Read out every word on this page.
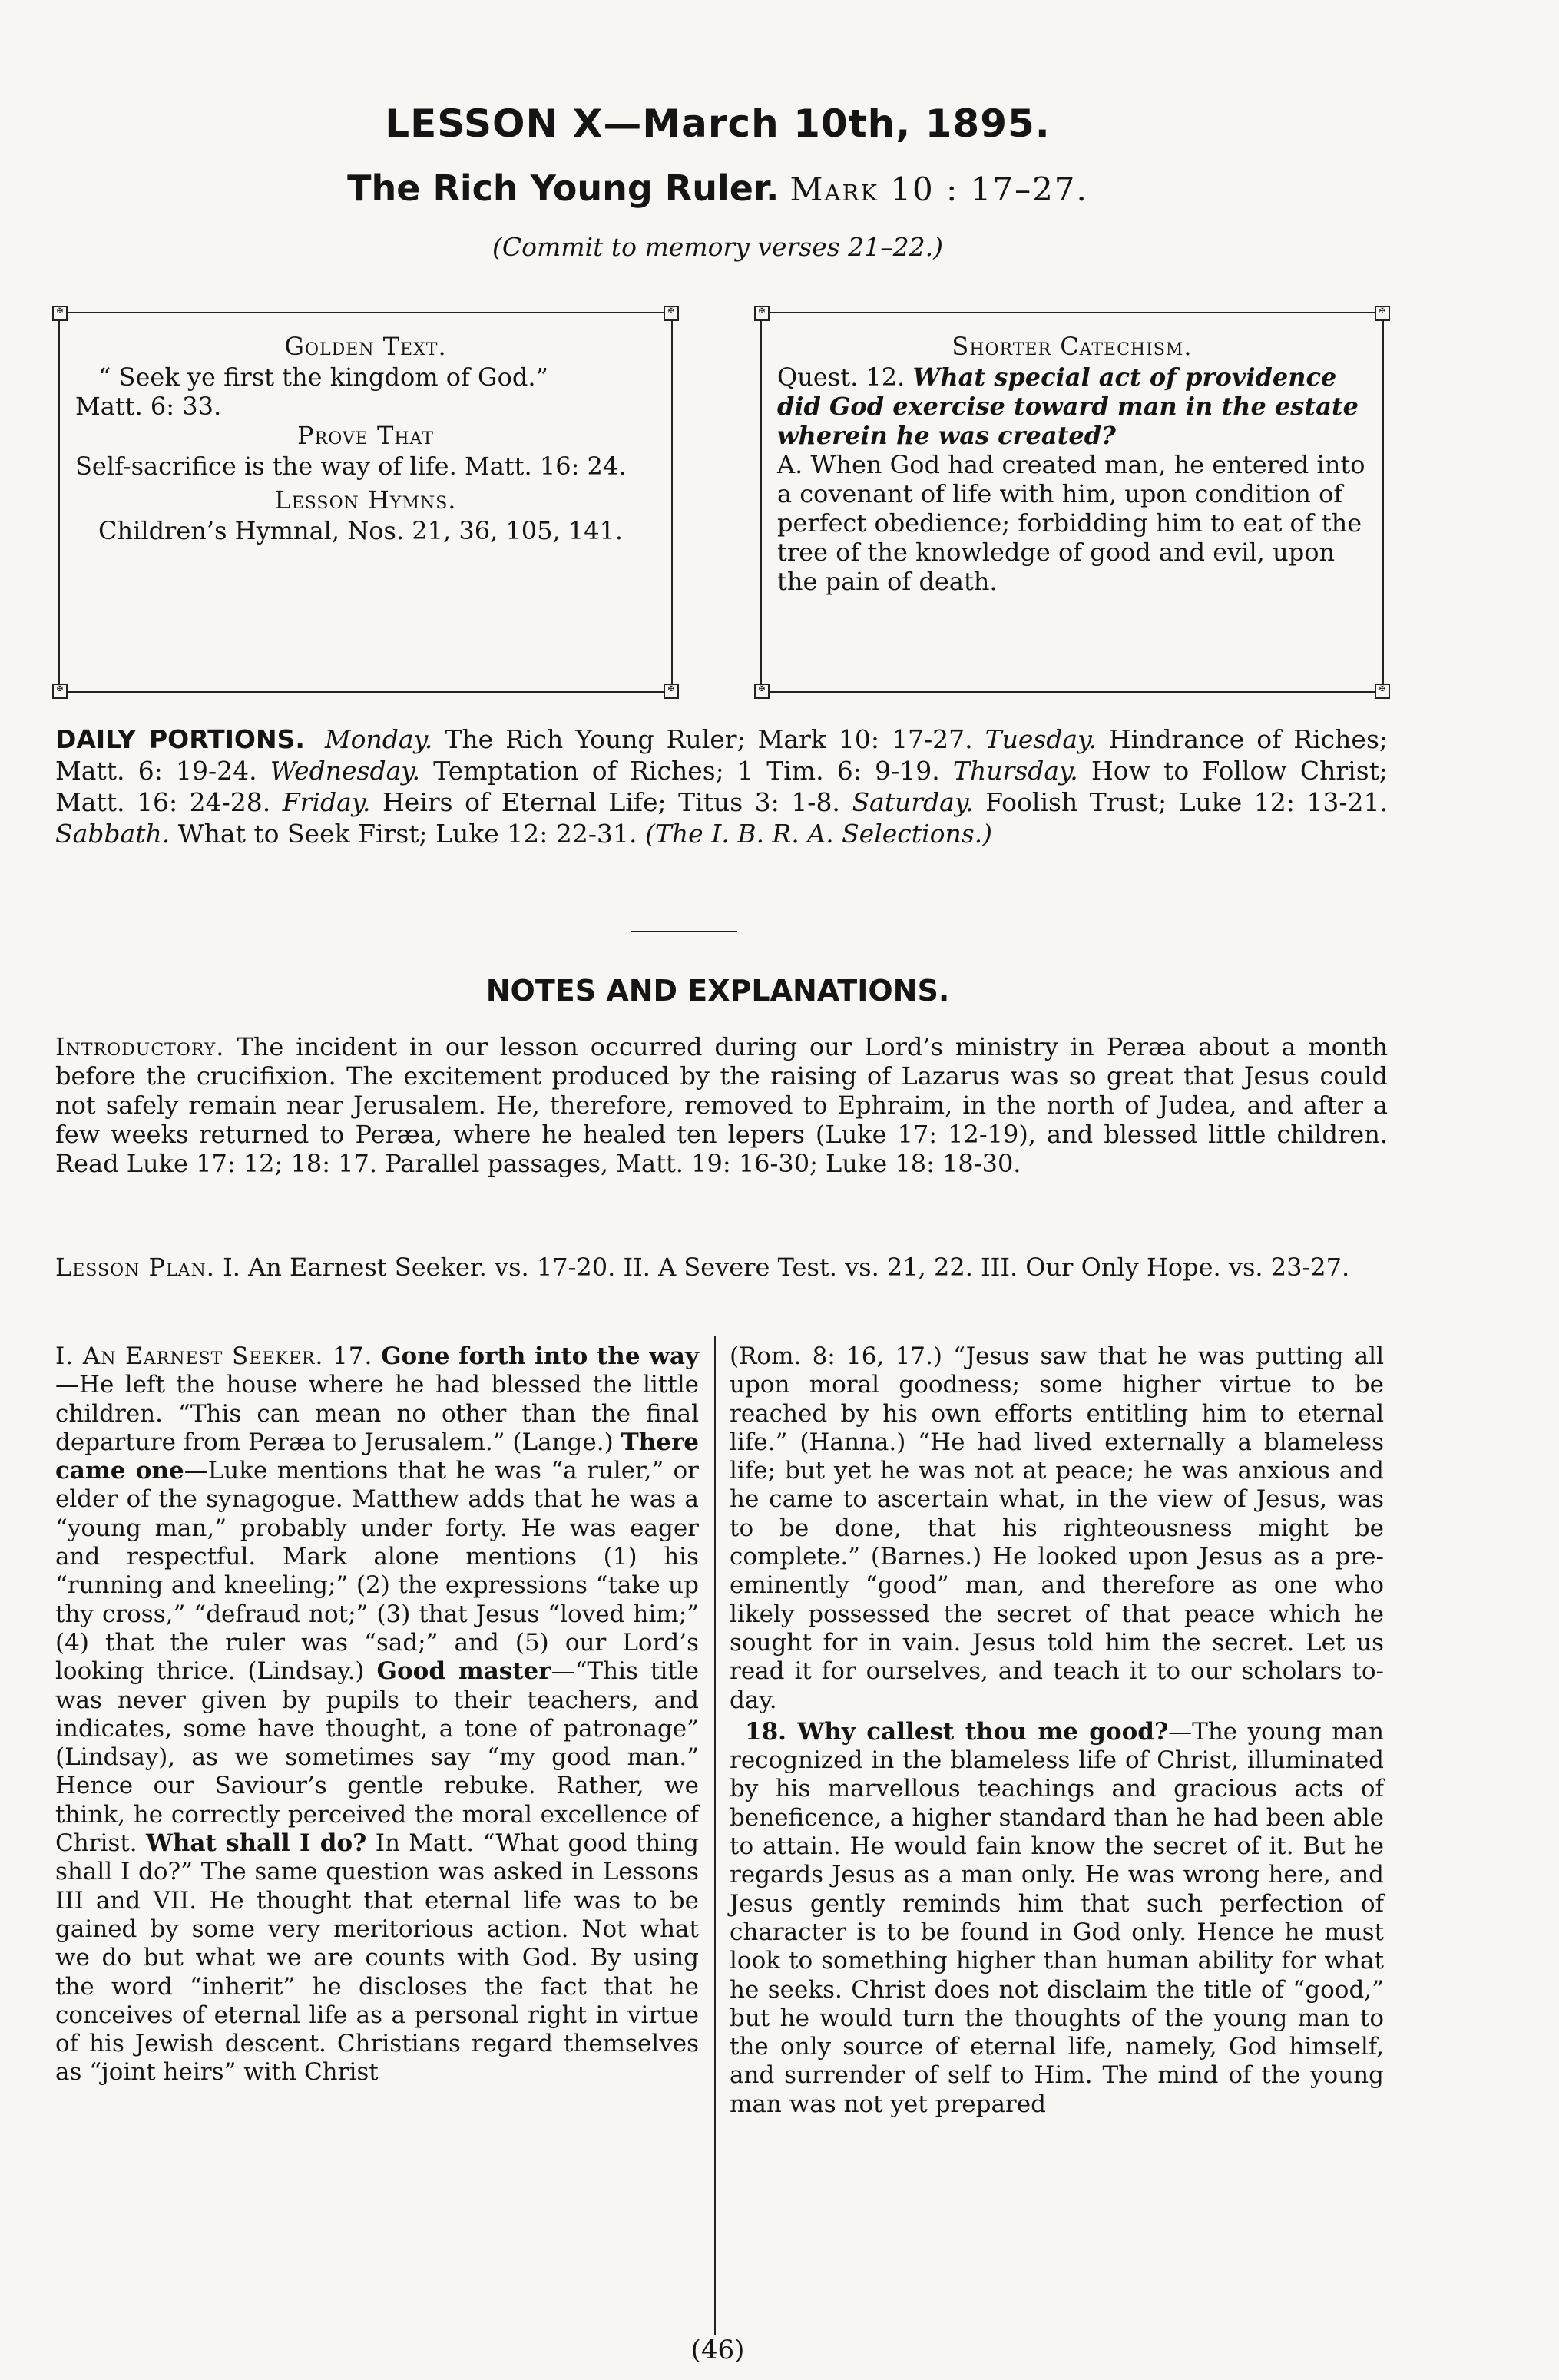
LESSON X—March 10th, 1895.
The Rich Young Ruler. Mark 10 : 17–27.
(Commit to memory verses 21–22.)
✠	✠
✠	✠

Golden Text.

“ Seek ye first the kingdom of God.”

Matt. 6: 33.

Prove That

Self-sacrifice is the way of life. Matt. 16: 24.

Lesson Hymns.

Children’s Hymnal, Nos. 21, 36, 105, 141.

✠	✠
✠	✠

Shorter Catechism.

Quest. 12. What special act of providence did God exercise toward man in the estate wherein he was created?

A. When God had created man, he entered into a covenant of life with him, upon condition of perfect obedience; forbidding him to eat of the tree of the knowledge of good and evil, upon the pain of death.

DAILY PORTIONS. Monday. The Rich Young Ruler; Mark 10: 17-27. Tuesday. Hindrance of Riches; Matt. 6: 19-24. Wednesday. Temptation of Riches; 1 Tim. 6: 9-19. Thursday. How to Follow Christ; Matt. 16: 24-28. Friday. Heirs of Eternal Life; Titus 3: 1-8. Saturday. Foolish Trust; Luke 12: 13-21. Sabbath. What to Seek First; Luke 12: 22-31. (The I. B. R. A. Selections.)
NOTES AND EXPLANATIONS.
Introductory. The incident in our lesson occurred during our Lord’s ministry in Peræa about a month before the crucifixion. The excitement produced by the raising of Lazarus was so great that Jesus could not safely remain near Jerusalem. He, therefore, removed to Ephraim, in the north of Judea, and after a few weeks returned to Peræa, where he healed ten lepers (Luke 17: 12-19), and blessed little children. Read Luke 17: 12; 18: 17. Parallel passages, Matt. 19: 16-30; Luke 18: 18-30.
Lesson Plan. I. An Earnest Seeker. vs. 17-20. II. A Severe Test. vs. 21, 22. III. Our Only Hope. vs. 23-27.

I. An Earnest Seeker. 17. Gone forth into the way—He left the house where he had blessed the little children. “This can mean no other than the final departure from Peræa to Jerusalem.” (Lange.) There came one—Luke mentions that he was “a ruler,” or elder of the synagogue. Matthew adds that he was a “young man,” probably under forty. He was eager and respectful. Mark alone mentions (1) his “running and kneeling;” (2) the expressions “take up thy cross,” “defraud not;” (3) that Jesus “loved him;” (4) that the ruler was “sad;” and (5) our Lord’s looking thrice. (Lindsay.) Good master—“This title was never given by pupils to their teachers, and indicates, some have thought, a tone of patronage” (Lindsay), as we sometimes say “my good man.” Hence our Saviour’s gentle rebuke. Rather, we think, he correctly perceived the moral excellence of Christ. What shall I do? In Matt. “What good thing shall I do?” The same question was asked in Lessons III and VII. He thought that eternal life was to be gained by some very meritorious action. Not what we do but what we are counts with God. By using the word “inherit” he discloses the fact that he conceives of eternal life as a personal right in virtue of his Jewish descent. Christians regard themselves as “joint heirs” with Christ

(Rom. 8: 16, 17.) “Jesus saw that he was putting all upon moral goodness; some higher virtue to be reached by his own efforts entitling him to eternal life.” (Hanna.) “He had lived externally a blameless life; but yet he was not at peace; he was anxious and he came to ascertain what, in the view of Jesus, was to be done, that his righteousness might be complete.” (Barnes.) He looked upon Jesus as a pre-eminently “good” man, and therefore as one who likely possessed the secret of that peace which he sought for in vain. Jesus told him the secret. Let us read it for ourselves, and teach it to our scholars to-day.

18. Why callest thou me good?—The young man recognized in the blameless life of Christ, illuminated by his marvellous teachings and gracious acts of beneficence, a higher standard than he had been able to attain. He would fain know the secret of it. But he regards Jesus as a man only. He was wrong here, and Jesus gently reminds him that such perfection of character is to be found in God only. Hence he must look to something higher than human ability for what he seeks. Christ does not disclaim the title of “good,” but he would turn the thoughts of the young man to the only source of eternal life, namely, God himself, and surrender of self to Him. The mind of the young man was not yet prepared

(46)
